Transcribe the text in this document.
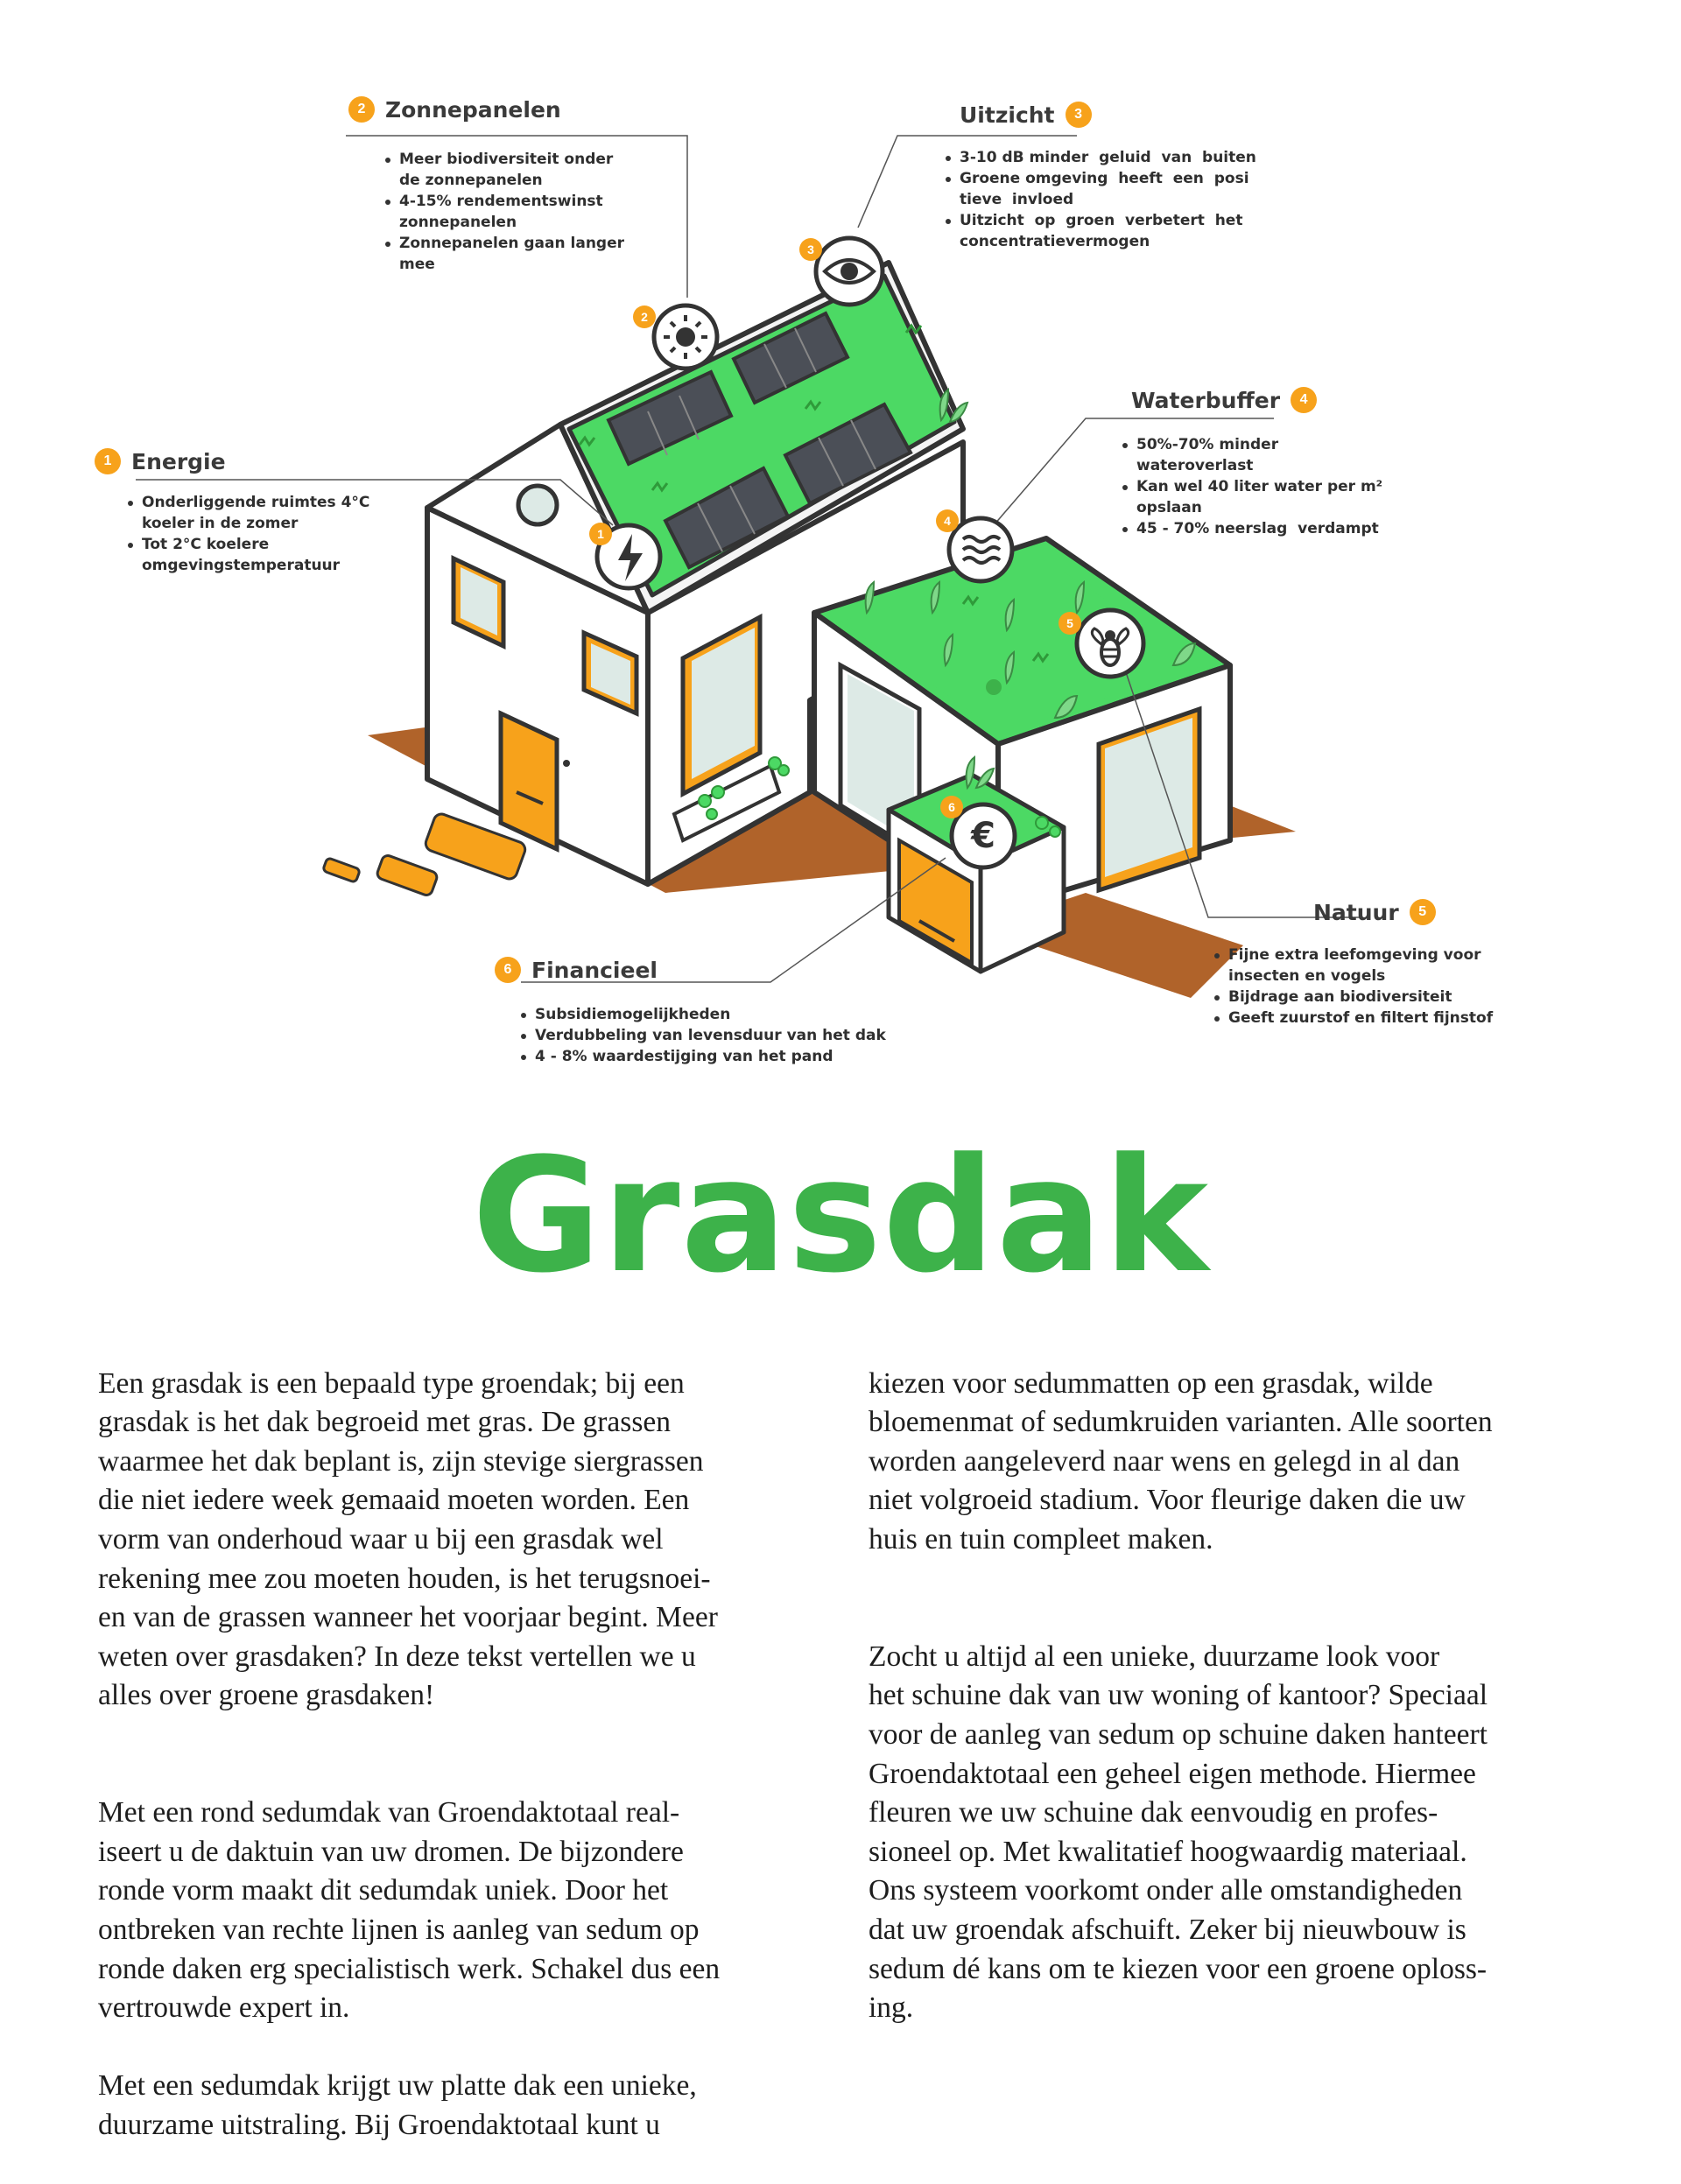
1
2
3
4
5
€
6
2 Zonnepanelen
Meer biodiversiteit onder
de zonnepanelen
4-15% rendementswinst
zonnepanelen
Zonnepanelen gaan langer
mee
Uitzicht	3
3-10 dB minder  geluid  van  buiten
Groene omgeving  heeft  een  posi
tieve  invloed
Uitzicht  op  groen  verbetert  het
concentratievermogen
1 Energie
Onderliggende ruimtes 4°C
koeler in de zomer
Tot 2°C koelere
omgevingstemperatuur
Waterbuffer	4
50%-70% minder
wateroverlast
Kan wel 40 liter water per m²
opslaan
45 - 70% neerslag  verdampt
Natuur	5
Fijne extra leefomgeving voor
insecten en vogels
Bijdrage aan biodiversiteit
Geeft zuurstof en filtert fijnstof
6 Financieel
Subsidiemogelijkheden
Verdubbeling van levensduur van het dak
4 - 8% waardestijging van het pand
Grasdak

Een grasdak is een bepaald type groendak; bij een
grasdak is het dak begroeid met gras. De grassen
waarmee het dak beplant is, zijn stevige siergrassen
die niet iedere week gemaaid moeten worden. Een
vorm van onderhoud waar u bij een grasdak wel
rekening mee zou moeten houden, is het terugsnoei-
en van de grassen wanneer het voorjaar begint. Meer
weten over grasdaken? In deze tekst vertellen we u
alles over groene grasdaken!

Met een rond sedumdak van Groendaktotaal real-
iseert u de daktuin van uw dromen. De bijzondere
ronde vorm maakt dit sedumdak uniek. Door het
ontbreken van rechte lijnen is aanleg van sedum op
ronde daken erg specialistisch werk. Schakel dus een
vertrouwde expert in.

Met een sedumdak krijgt uw platte dak een unieke,
duurzame uitstraling. Bij Groendaktotaal kunt u

kiezen voor sedummatten op een grasdak, wilde
bloemenmat of sedumkruiden varianten. Alle soorten
worden aangeleverd naar wens en gelegd in al dan
niet volgroeid stadium. Voor fleurige daken die uw
huis en tuin compleet maken.

Zocht u altijd al een unieke, duurzame look voor
het schuine dak van uw woning of kantoor? Speciaal
voor de aanleg van sedum op schuine daken hanteert
Groendaktotaal een geheel eigen methode. Hiermee
fleuren we uw schuine dak eenvoudig en profes-
sioneel op. Met kwalitatief hoogwaardig materiaal.
Ons systeem voorkomt onder alle omstandigheden
dat uw groendak afschuift. Zeker bij nieuwbouw is
sedum dé kans om te kiezen voor een groene oploss-
ing.
